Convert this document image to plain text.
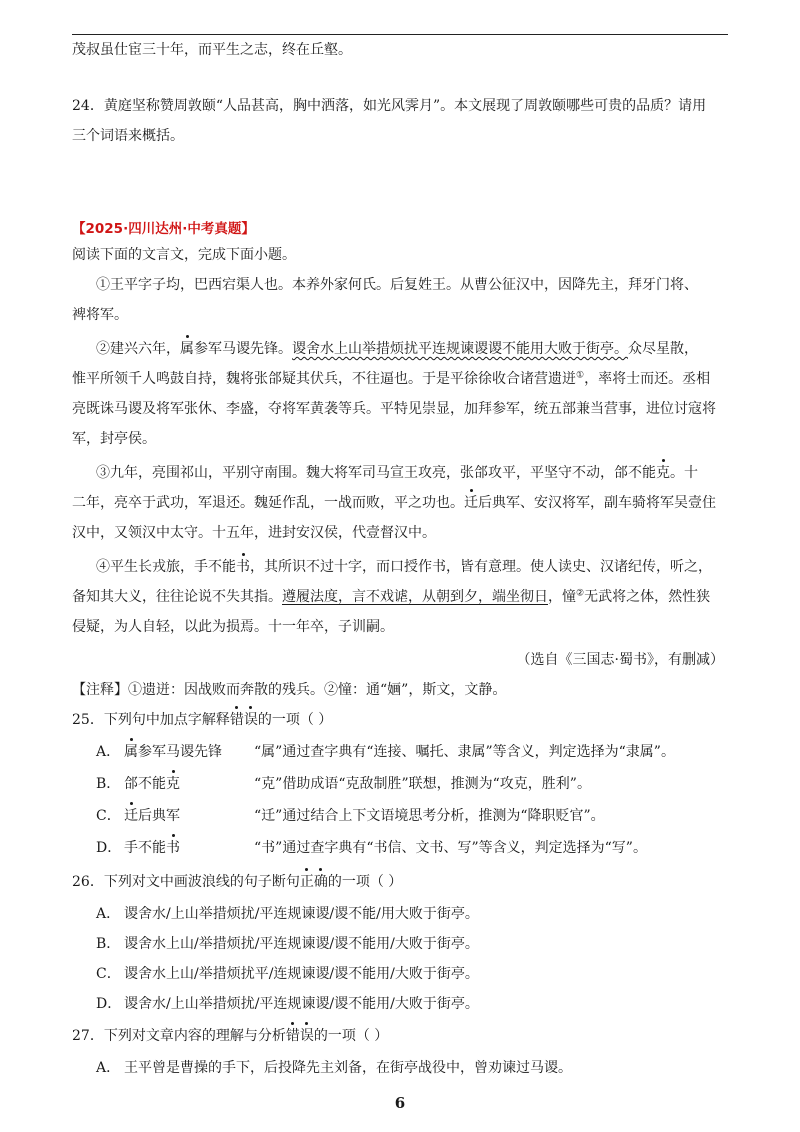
茂叔虽仕宦三十年，而平生之志，终在丘壑。
24．黄庭坚称赞周敦颐“人品甚高，胸中洒落，如光风霁月”。本文展现了周敦颐哪些可贵的品质？请用
三个词语来概括。
【2025·四川达州·中考真题】
阅读下面的文言文，完成下面小题。
①王平字子均，巴西宕渠人也。本养外家何氏。后复姓王。从曹公征汉中，因降先主，拜牙门将、
裨将军。
②建兴六年，属参军马谡先锋。谡舍水上山举措烦扰平连规谏谡谡不能用大败于街亭。众尽星散，
惟平所领千人鸣鼓自持，魏将张郃疑其伏兵，不往逼也。于是平徐徐收合诸营遗迸①，率将士而还。丞相
亮既诛马谡及将军张休、李盛，夺将军黄袭等兵。平特见崇显，加拜参军，统五部兼当营事，进位讨寇将
军，封亭侯。
③九年，亮围祁山，平别守南围。魏大将军司马宣王攻亮，张郃攻平，平坚守不动，郃不能克。十
二年，亮卒于武功，军退还。魏延作乱，一战而败，平之功也。迁后典军、安汉将军，副车骑将军吴壹住
汉中，又领汉中太守。十五年，进封安汉侯，代壹督汉中。
④平生长戎旅，手不能书，其所识不过十字，而口授作书，皆有意理。使人读史、汉诸纪传，听之，
备知其大义，往往论说不失其指。遵履法度，言不戏谑，从朝到夕，端坐彻日，憧②无武将之体，然性狭
侵疑，为人自轻，以此为损焉。十一年卒，子训嗣。
（选自《三国志·蜀书》，有删减）
【注释】①遗迸：因战败而奔散的残兵。②憧：通“婳”，斯文，文静。
25．下列句中加点字解释错误的一项（ ）
A． 属参军马谡先锋 “属”通过查字典有“连接、嘱托、隶属”等含义，判定选择为“隶属”。
B． 郃不能克	“克”借助成语“克敌制胜”联想，推测为“攻克，胜利”。
C． 迁后典军	“迁”通过结合上下文语境思考分析，推测为“降职贬官”。
D． 手不能书	“书”通过查字典有“书信、文书、写”等含义，判定选择为“写”。
26．下列对文中画波浪线的句子断句正确的一项（ ）
A． 谡舍水/上山举措烦扰/平连规谏谡/谡不能/用大败于街亭。
B． 谡舍水上山/举措烦扰/平连规谏谡/谡不能用/大败于街亭。
C． 谡舍水上山/举措烦扰平/连规谏谡/谡不能用/大败于街亭。
D． 谡舍水/上山举措烦扰/平连规谏谡/谡不能用/大败于街亭。
27．下列对文章内容的理解与分析错误的一项（ ）
A． 王平曾是曹操的手下，后投降先主刘备，在街亭战役中，曾劝谏过马谡。
6
